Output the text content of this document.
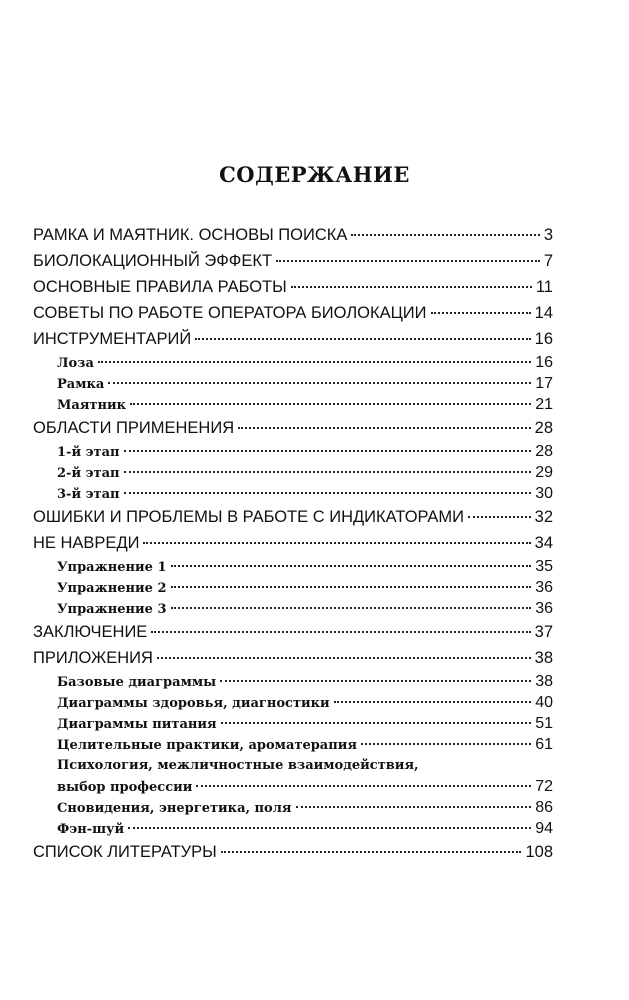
СОДЕРЖАНИЕ
РАМКА И МАЯТНИК. ОСНОВЫ ПОИСКА	3
БИОЛОКАЦИОННЫЙ ЭФФЕКТ	7
ОСНОВНЫЕ ПРАВИЛА РАБОТЫ	11
СОВЕТЫ ПО РАБОТЕ ОПЕРАТОРА БИОЛОКАЦИИ	14
ИНСТРУМЕНТАРИЙ	16
Лоза	16
Рамка	17
Маятник	21
ОБЛАСТИ ПРИМЕНЕНИЯ	28
1-й этап	28
2-й этап	29
3-й этап	30
ОШИБКИ И ПРОБЛЕМЫ В РАБОТЕ С ИНДИКАТОРАМИ	32
НЕ НАВРЕДИ	34
Упражнение 1	35
Упражнение 2	36
Упражнение 3	36
ЗАКЛЮЧЕНИЕ	37
ПРИЛОЖЕНИЯ	38
Базовые диаграммы	38
Диаграммы здоровья, диагностики	40
Диаграммы питания	51
Целительные практики, ароматерапия	61
Психология, межличностные взаимодействия,
выбор профессии	72
Сновидения, энергетика, поля	86
Фэн-шуй	94
СПИСОК ЛИТЕРАТУРЫ	108
